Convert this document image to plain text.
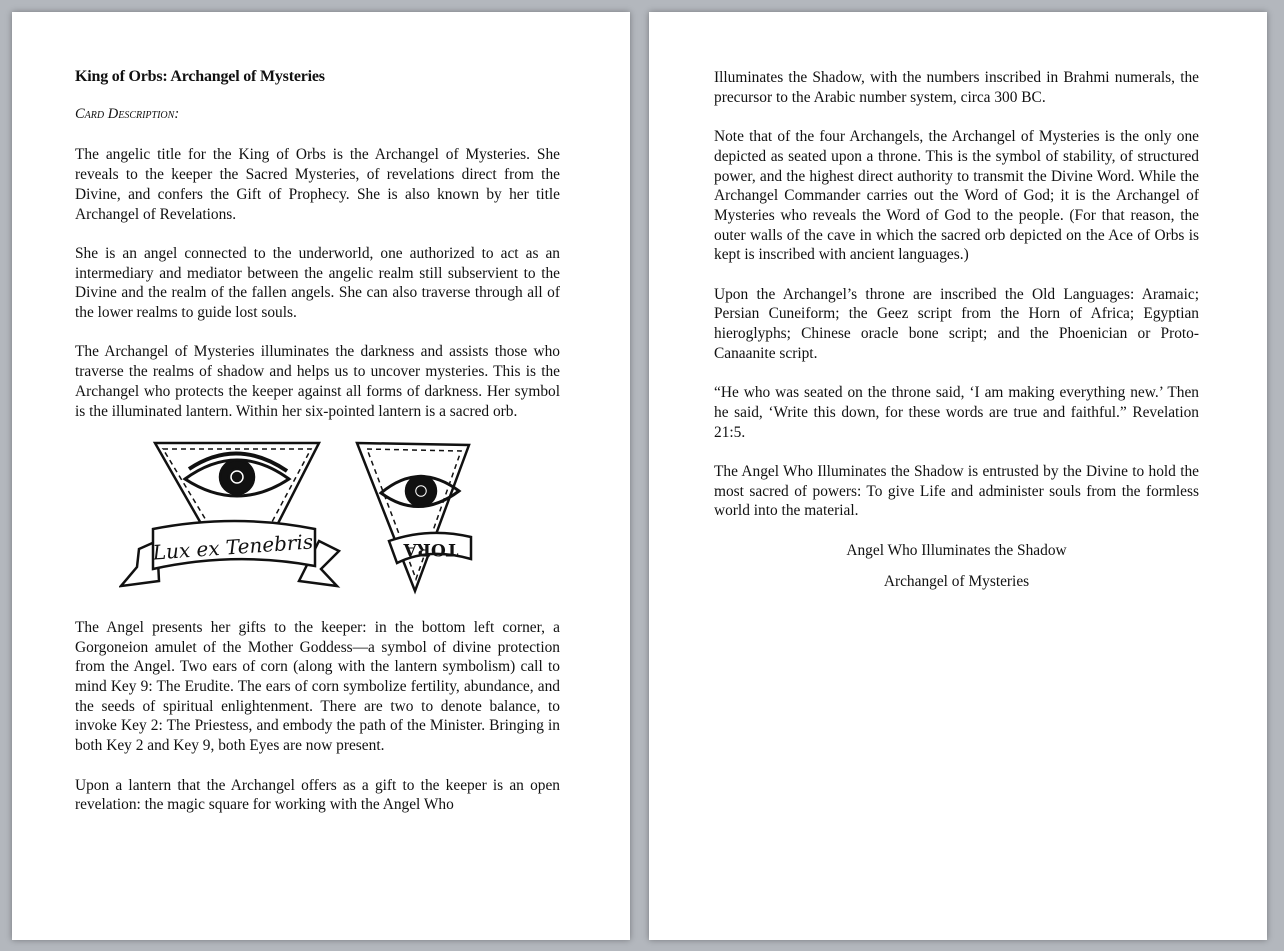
King of Orbs: Archangel of Mysteries
Card Description:

The angelic title for the King of Orbs is the Archangel of Mysteries. She reveals to the keeper the Sacred Mysteries, of revelations direct from the Divine, and confers the Gift of Prophecy. She is also known by her title Archangel of Revelations.

She is an angel connected to the underworld, one authorized to act as an intermediary and mediator between the angelic realm still subservient to the Divine and the realm of the fallen angels. She can also traverse through all of the lower realms to guide lost souls.

The Archangel of Mysteries illuminates the darkness and assists those who traverse the realms of shadow and helps us to uncover mysteries. This is the Archangel who protects the keeper against all forms of darkness. Her symbol is the illuminated lantern. Within her six-pointed lantern is a sacred orb.

Lux ex Tenebris	TORA

The Angel presents her gifts to the keeper: in the bottom left corner, a Gorgoneion amulet of the Mother Goddess—a symbol of divine protection from the Angel. Two ears of corn (along with the lantern symbolism) call to mind Key 9: The Erudite. The ears of corn symbolize fertility, abundance, and the seeds of spiritual enlightenment. There are two to denote balance, to invoke Key 2: The Priestess, and embody the path of the Minister. Bringing in both Key 2 and Key 9, both Eyes are now present.

Upon a lantern that the Archangel offers as a gift to the keeper is an open revelation: the magic square for working with the Angel Who

Illuminates the Shadow, with the numbers inscribed in Brahmi numerals, the precursor to the Arabic number system, circa 300 BC.

Note that of the four Archangels, the Archangel of Mysteries is the only one depicted as seated upon a throne. This is the symbol of stability, of structured power, and the highest direct authority to transmit the Divine Word. While the Archangel Commander carries out the Word of God; it is the Archangel of Mysteries who reveals the Word of God to the people. (For that reason, the outer walls of the cave in which the sacred orb depicted on the Ace of Orbs is kept is inscribed with ancient languages.)

Upon the Archangel’s throne are inscribed the Old Languages: Aramaic; Persian Cuneiform; the Geez script from the Horn of Africa; Egyptian hieroglyphs; Chinese oracle bone script; and the Phoenician or Proto-Canaanite script.

“He who was seated on the throne said, ‘I am making everything new.’ Then he said, ‘Write this down, for these words are true and faithful.” Revelation 21:5.

The Angel Who Illuminates the Shadow is entrusted by the Divine to hold the most sacred of powers: To give Life and administer souls from the formless world into the material.

Angel Who Illuminates the Shadow

Archangel of Mysteries
